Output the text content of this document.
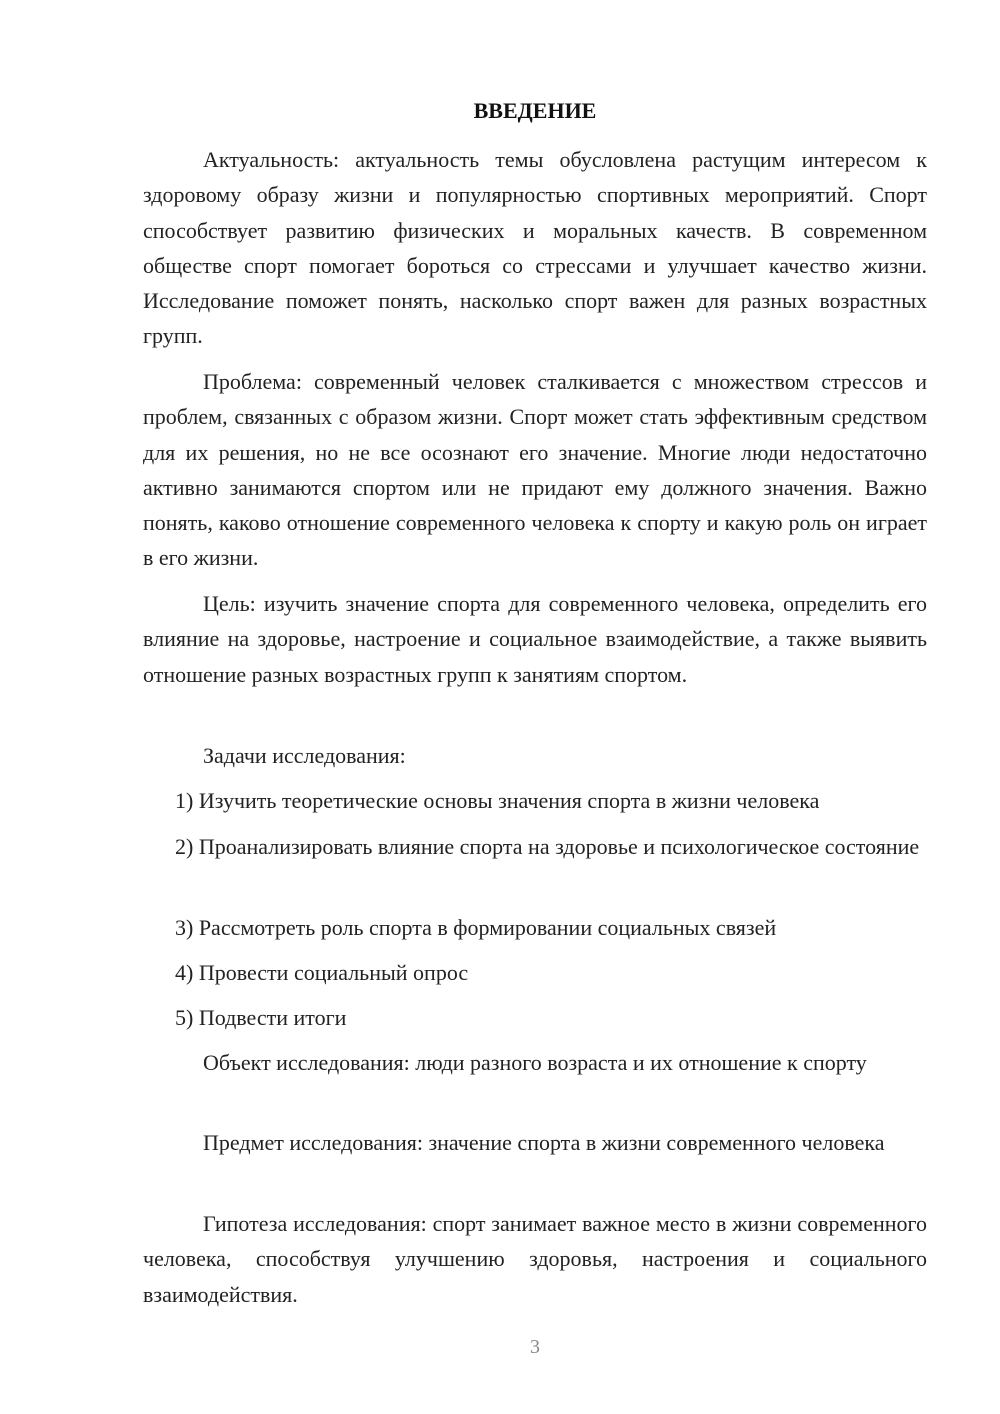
ВВЕДЕНИЕ

Актуальность: актуальность темы обусловлена растущим интересом к здоровому образу жизни и популярностью спортивных мероприятий. Спорт способствует развитию физических и моральных качеств. В современном обществе спорт помогает бороться со стрессами и улучшает качество жизни. Исследование поможет понять, насколько спорт важен для разных возрастных групп.

Проблема: современный человек сталкивается с множеством стрессов и проблем, связанных с образом жизни. Спорт может стать эффективным средством для их решения, но не все осознают его значение. Многие люди недостаточно активно занимаются спортом или не придают ему должного значения. Важно понять, каково отношение современного человека к спорту и какую роль он играет в его жизни.

Цель: изучить значение спорта для современного человека, определить его влияние на здоровье, настроение и социальное взаимодействие, а также выявить отношение разных возрастных групп к занятиям спортом.

Задачи исследования:

1) Изучить теоретические основы значения спорта в жизни человека

2) Проанализировать влияние спорта на здоровье и психологическое состояние

3) Рассмотреть роль спорта в формировании социальных связей

4) Провести социальный опрос

5) Подвести итоги

Объект исследования: люди разного возраста и их отношение к спорту

Предмет исследования: значение спорта в жизни современного человека

Гипотеза исследования: спорт занимает важное место в жизни современного человека, способствуя улучшению здоровья, настроения и социального взаимодействия.

3
